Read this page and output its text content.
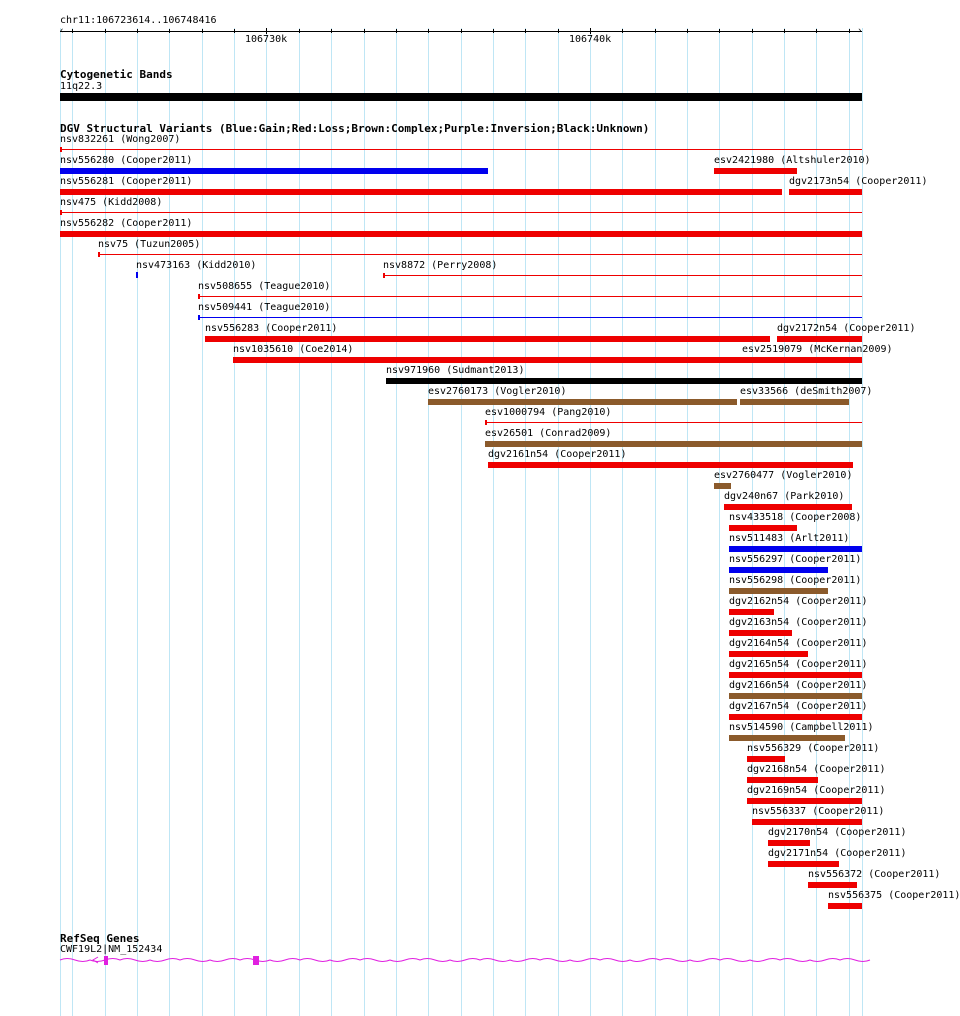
chr11:106723614..106748416
‹	›
106730k	106740k
Cytogenetic Bands
11q22.3
DGV Structural Variants (Blue:Gain;Red:Loss;Brown:Complex;Purple:Inversion;Black:Unknown)
nsv832261 (Wong2007)
nsv556280 (Cooper2011)	esv2421980 (Altshuler2010)
nsv556281 (Cooper2011)	dgv2173n54 (Cooper2011)
nsv475 (Kidd2008)
nsv556282 (Cooper2011)
nsv75 (Tuzun2005)
nsv473163 (Kidd2010)	nsv8872 (Perry2008)
nsv508655 (Teague2010)
nsv509441 (Teague2010)
nsv556283 (Cooper2011)	dgv2172n54 (Cooper2011)
nsv1035610 (Coe2014)	esv2519079 (McKernan2009)
nsv971960 (Sudmant2013)
esv2760173 (Vogler2010)	esv33566 (deSmith2007)
esv1000794 (Pang2010)
esv26501 (Conrad2009)
dgv2161n54 (Cooper2011)
esv2760477 (Vogler2010)
dgv240n67 (Park2010)
nsv433518 (Cooper2008)
nsv511483 (Arlt2011)
nsv556297 (Cooper2011)
nsv556298 (Cooper2011)
dgv2162n54 (Cooper2011)
dgv2163n54 (Cooper2011)
dgv2164n54 (Cooper2011)
dgv2165n54 (Cooper2011)
dgv2166n54 (Cooper2011)
dgv2167n54 (Cooper2011)
nsv514590 (Campbell2011)
nsv556329 (Cooper2011)
dgv2168n54 (Cooper2011)
dgv2169n54 (Cooper2011)
nsv556337 (Cooper2011)
dgv2170n54 (Cooper2011)
dgv2171n54 (Cooper2011)
nsv556372 (Cooper2011)
nsv556375 (Cooper2011)
RefSeq Genes
CWF19L2|NM_152434
